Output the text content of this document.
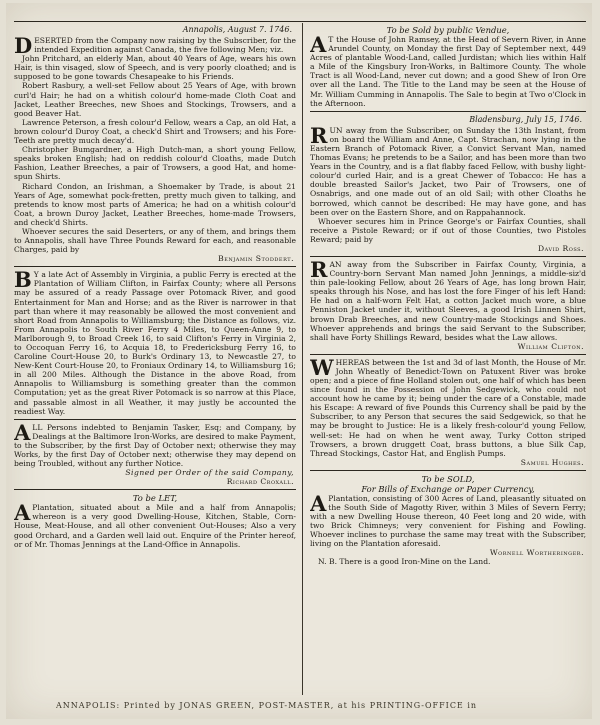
Annapolis, August 7. 1746.

DESERTED from the Company now raising by the Subscriber, for the intended Expedition against Canada, the five following Men; viz.

John Pritchard, an elderly Man, about 40 Years of Age, wears his own Hair, is thin visaged, slow of Speech, and is very poorly cloathed; and is supposed to be gone towards Chesapeake to his Friends.

Robert Rasbury, a well-set Fellow about 25 Years of Age, with brown curl'd Hair; he had on a whitish colour'd home-made Cloth Coat and Jacket, Leather Breeches, new Shoes and Stockings, Trowsers, and a good Beaver Hat.

Lawrence Peterson, a fresh colour'd Fellow, wears a Cap, an old Hat, a brown colour'd Duroy Coat, a check'd Shirt and Trowsers; and his Fore-Teeth are pretty much decay'd.

Christopher Bumgardner, a High Dutch-man, a short young Fellow, speaks broken English; had on reddish colour'd Cloaths, made Dutch Fashion, Leather Breeches, a pair of Trowsers, a good Hat, and home-spun Shirts.

Richard Condon, an Irishman, a Shoemaker by Trade, is about 21 Years of Age, somewhat pock-fretten, pretty much given to talking, and pretends to know most parts of America; he had on a whitish colour'd Coat, a brown Duroy Jacket, Leather Breeches, home-made Trowsers, and check'd Shirts.

Whoever secures the said Deserters, or any of them, and brings them to Annapolis, shall have Three Pounds Reward for each, and reasonable Charges, paid by

Benjamin Stoddert.

B Y a late Act of Assembly in Virginia, a public Ferry is erected at the Plantation of William Clifton, in Fairfax County; where all Persons may be assured of a ready Passage over Potomack River, and good Entertainment for Man and Horse; and as the River is narrower in that part than where it may reasonably be allowed the most convenient and short Road from Annapolis to Williamsburg; the Distance as follows, viz. From Annapolis to South River Ferry 4 Miles, to Queen-Anne 9, to Marlborough 9, to Broad Creek 16, to said Clifton's Ferry in Virginia 2, to Occoquan Ferry 16, to Acquia 18, to Fredericksburg Ferry 16, to Caroline Court-House 20, to Burk's Ordinary 13, to Newcastle 27, to New-Kent Court-House 20, to Froniaux Ordinary 14, to Williamsburg 16; in all 200 Miles. Although the Distance in the above Road, from Annapolis to Williamsburg is something greater than the common Computation; yet as the great River Potomack is so narrow at this Place, and passable almost in all Weather, it may justly be accounted the readiest Way.

ALL Persons indebted to Benjamin Tasker, Esq; and Company, by Dealings at the Baltimore Iron-Works, are desired to make Payment, to the Subscriber, by the first Day of October next; otherwise they may Works, by the first Day of October next; otherwise they may depend on being Troubled, without any further Notice.

Signed per Order of the said Company,
Richard Croxall.
To be LET,

A Plantation, situated about a Mile and a half from Annapolis; whereon is a very good Dwelling-House, Kitchen, Stable, Corn-House, Meat-House, and all other convenient Out-Houses; Also a very good Orchard, and a Garden well laid out. Enquire of the Printer hereof, or of Mr. Thomas Jennings at the Land-Office in Annapolis.

To be Sold by public Vendue,

A T the House of John Ramsey, at the Head of Severn River, in Anne Arundel County, on Monday the first Day of September next, 449 Acres of plantable Wood-Land, called Jurdistan; which lies within Half a Mile of the Kingsbury Iron-Works, in Baltimore County. The whole Tract is all Wood-Land, never cut down; and a good Shew of Iron Ore over all the Land. The Title to the Land may be seen at the House of Mr. William Cumming in Annapolis. The Sale to begin at Two o'Clock in the Afternoon.

Bladensburg, July 15, 1746.

RUN away from the Subscriber, on Sunday the 13th Instant, from on board the William and Anne, Capt. Strachan, now lying in the Eastern Branch of Potomack River, a Convict Servant Man, named Thomas Evans; he pretends to be a Sailor, and has been more than two Years in the Country, and is a flat flabby faced Fellow, with bushy light-colour'd curled Hair, and is a great Chewer of Tobacco: He has a double breasted Sailor's Jacket, two Pair of Trowsers, one of Osnabrigs, and one made out of an old Sail; with other Cloaths he borrowed, which cannot be described: He may have gone, and has been over on the Eastern Shore, and on Rappahannock.

Whoever secures him in Prince George's or Fairfax Counties, shall receive a Pistole Reward; or if out of those Counties, two Pistoles Reward; paid by

David Ross.

RAN away from the Subscriber in Fairfax County, Virginia, a Country-born Servant Man named John Jennings, a middle-siz'd thin pale-looking Fellow, about 26 Years of Age, has long brown Hair, speaks through his Nose, and has lost the fore Finger of his left Hand: He had on a half-worn Felt Hat, a cotton Jacket much wore, a blue Penniston Jacket under it, without Sleeves, a good Irish Linnen Shirt, brown Drab Breeches, and new Country-made Stockings and Shoes. Whoever apprehends and brings the said Servant to the Subscriber, shall have Forty Shillings Reward, besides what the Law allows.

William Clifton.

WHEREAS between the 1st and 3d of last Month, the House of Mr. John Wheatly of Benedict-Town on Patuxent River was broke open; and a piece of fine Holland stolen out, one half of which has been since found in the Possession of John Sedgewick, who could not account how he came by it; being under the care of a Constable, made his Escape: A reward of five Pounds this Currency shall be paid by the Subscriber, to any Person that secures the said Sedgewick, so that he may be brought to Justice: He is a likely fresh-colour'd young Fellow, well-set: He had on when he went away, Turky Cotton striped Trowsers, a brown druggett Coat, brass buttons, a blue Silk Cap, Thread Stockings, Castor Hat, and English Pumps.

Samuel Hughes.
To be SOLD,
For Bills of Exchange or Paper Currency,

A Plantation, consisting of 300 Acres of Land, pleasantly situated on the South Side of Magotty River, within 3 Miles of Severn Ferry; with a new Dwelling House thereon, 40 Feet long and 20 wide, with two Brick Chimneys; very convenient for Fishing and Fowling. Whoever inclines to purchase the same may treat with the Subscriber, living on the Plantation aforesaid.

Wornell Wortheringer.

N. B. There is a good Iron-Mine on the Land.

ANNAPOLIS: Printed by JONAS GREEN, POST-MASTER, at his PRINTING-OFFICE in
